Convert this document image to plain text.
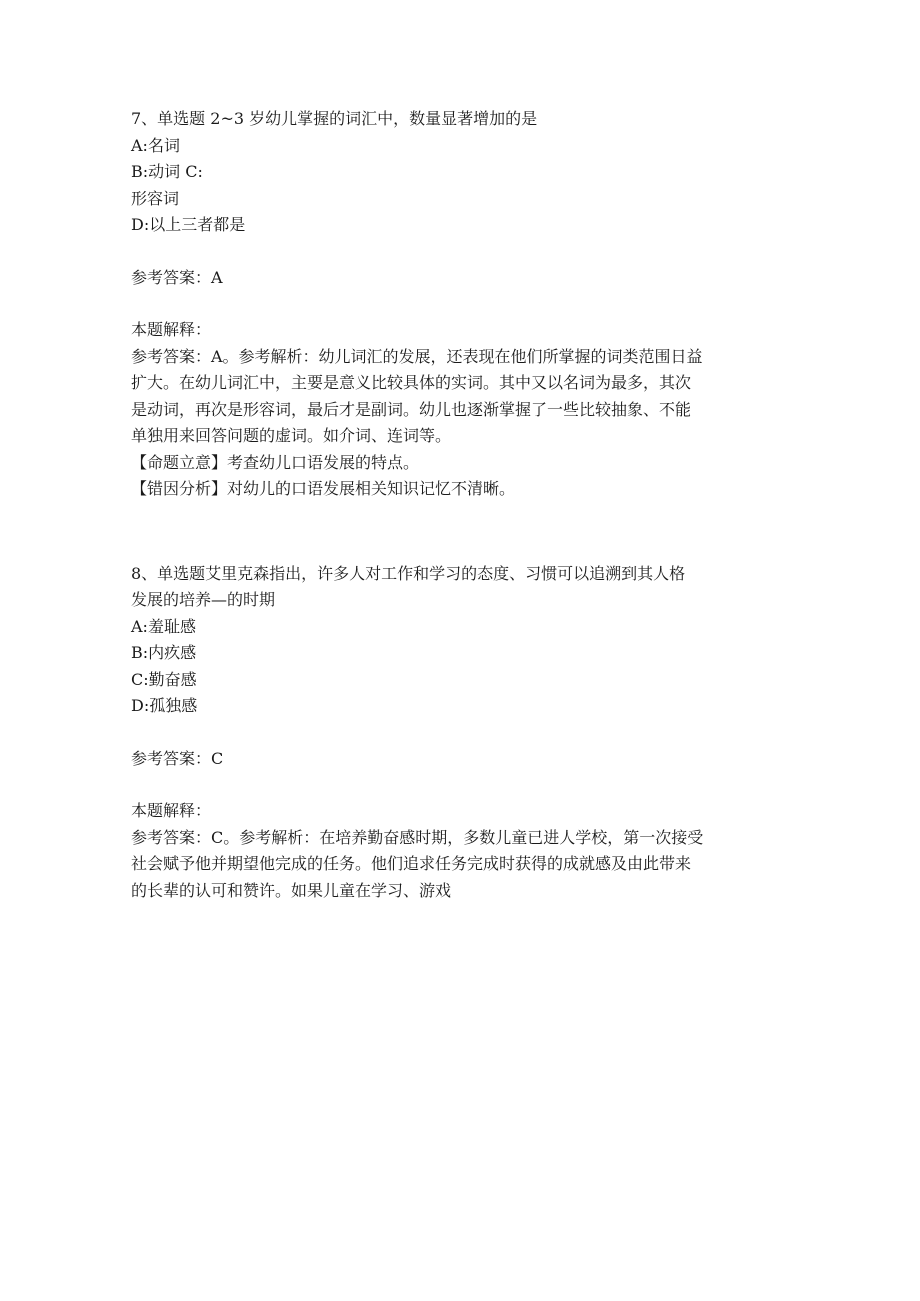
7、单选题 2~3 岁幼儿掌握的词汇中，数量显著增加的是
A:名词
B:动词 C:
形容词
D:以上三者都是
参考答案：A
本题解释：
参考答案：A。参考解析：幼儿词汇的发展，还表现在他们所掌握的词类范围日益
扩大。在幼儿词汇中，主要是意义比较具体的实词。其中又以名词为最多，其次
是动词，再次是形容词，最后才是副词。幼儿也逐渐掌握了一些比较抽象、不能
单独用来回答问题的虚词。如介词、连词等。
【命题立意】考查幼儿口语发展的特点。
【错因分析】对幼儿的口语发展相关知识记忆不清晰。
8、单选题艾里克森指出，许多人对工作和学习的态度、习惯可以追溯到其人格
发展的培养—的时期
A:羞耻感
B:内疚感
C:勤奋感
D:孤独感
参考答案：C
本题解释：
参考答案：C。参考解析：在培养勤奋感时期，多数儿童已进人学校，第一次接受
社会赋予他并期望他完成的任务。他们追求任务完成时获得的成就感及由此带来
的长辈的认可和赞许。如果儿童在学习、游戏
